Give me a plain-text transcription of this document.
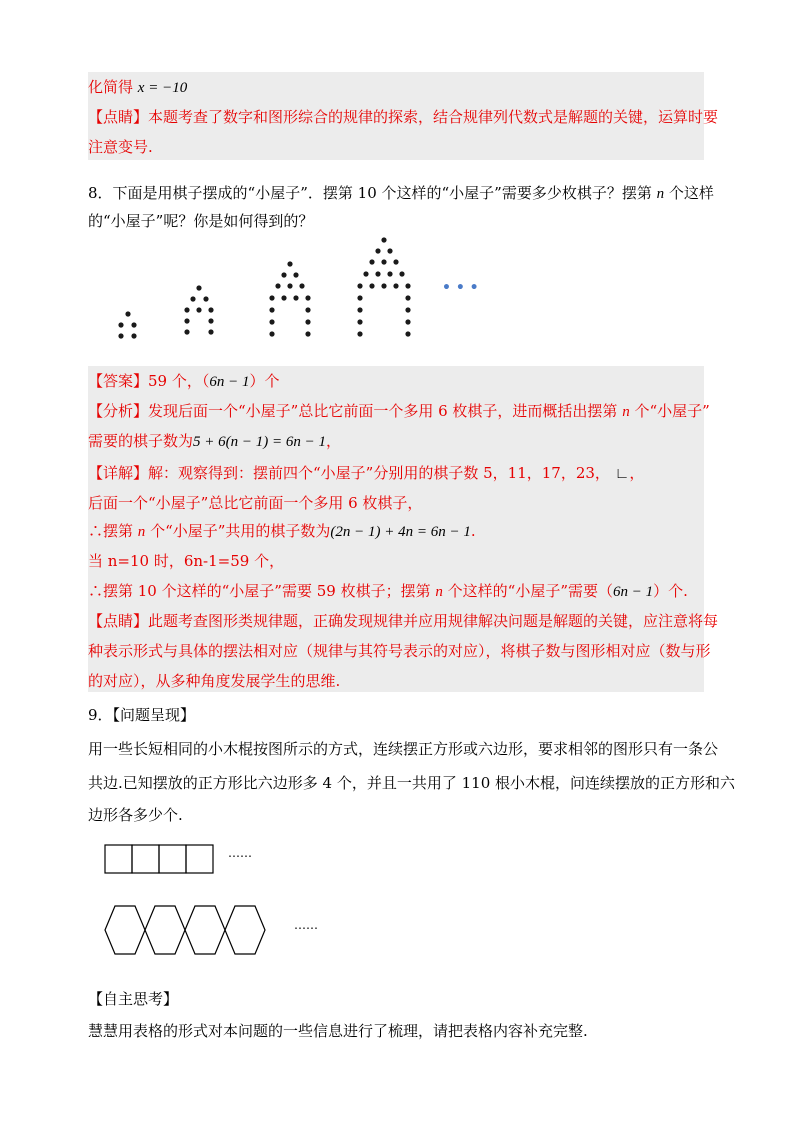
化简得 x = −10
【点睛】本题考查了数字和图形综合的规律的探索，结合规律列代数式是解题的关键，运算时要
注意变号.
8．下面是用棋子摆成的“小屋子”．摆第 10 个这样的“小屋子”需要多少枚棋子？摆第 n 个这样
的“小屋子”呢？你是如何得到的？
• • •
【答案】59 个，（6n − 1）个
【分析】发现后面一个“小屋子”总比它前面一个多用 6 枚棋子，进而概括出摆第 n 个“小屋子”
需要的棋子数为5 + 6(n − 1) = 6n − 1，
【详解】解：观察得到：摆前四个“小屋子”分别用的棋子数 5，11，17，23， ∟，
后面一个“小屋子”总比它前面一个多用 6 枚棋子，
∴摆第 n 个“小屋子”共用的棋子数为(2n − 1) + 4n = 6n − 1.
当 n=10 时，6n-1=59 个，
∴摆第 10 个这样的“小屋子”需要 59 枚棋子；摆第 n 个这样的“小屋子”需要（6n − 1）个.
【点睛】此题考查图形类规律题，正确发现规律并应用规律解决问题是解题的关键，应注意将每
种表示形式与具体的摆法相对应（规律与其符号表示的对应），将棋子数与图形相对应（数与形
的对应），从多种角度发展学生的思维.
9．【问题呈现】
用一些长短相同的小木棍按图所示的方式，连续摆正方形或六边形，要求相邻的图形只有一条公
共边.已知摆放的正方形比六边形多 4 个，并且一共用了 110 根小木棍，问连续摆放的正方形和六
边形各多少个.
……
……
【自主思考】
慧慧用表格的形式对本问题的一些信息进行了梳理，请把表格内容补充完整.
